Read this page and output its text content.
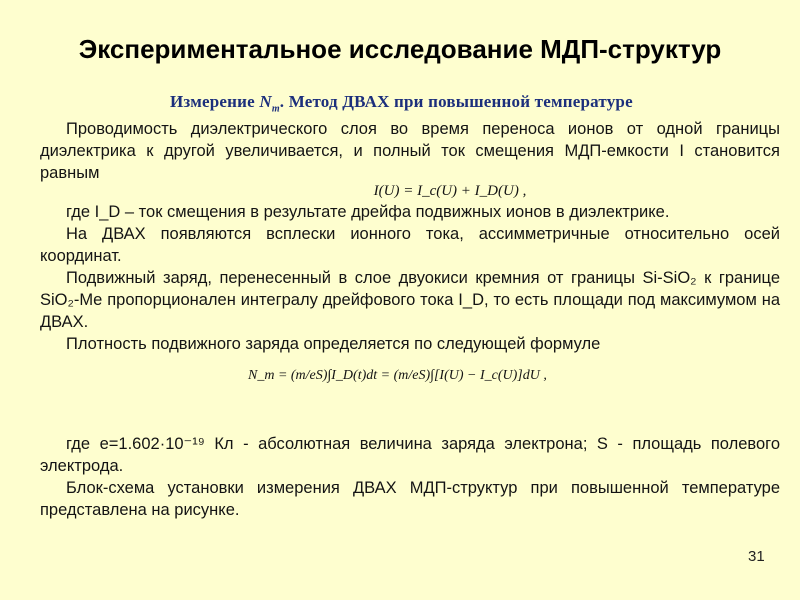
Экспериментальное исследование МДП-структур
Измерение $N_m$. Метод ДВАХ при повышенной температуре

Проводимость диэлектрического слоя во время переноса ионов от одной границы диэлектрика к другой увеличивается, и полный ток смещения МДП-емкости I становится равным

I(U) = I_c(U) + I_D(U) ,

где I_D – ток смещения в результате дрейфа подвижных ионов в диэлектрике.

На ДВАХ появляются всплески ионного тока, ассимметричные относительно осей координат.

Подвижный заряд, перенесенный в слое двуокиси кремния от границы Si-SiO₂ к границе SiO₂-Me пропорционален интегралу дрейфового тока I_D, то есть площади под максимумом на ДВАХ.

Плотность подвижного заряда определяется по следующей формуле

N_m = (m/eS)∫I_D(t)dt = (m/eS)∫[I(U) − I_c(U)]dU ,

где e=1.602·10⁻¹⁹ Кл - абсолютная величина заряда электрона; S - площадь полевого электрода.

Блок-схема установки измерения ДВАХ МДП-структур при повышенной температуре представлена на рисунке.

31
